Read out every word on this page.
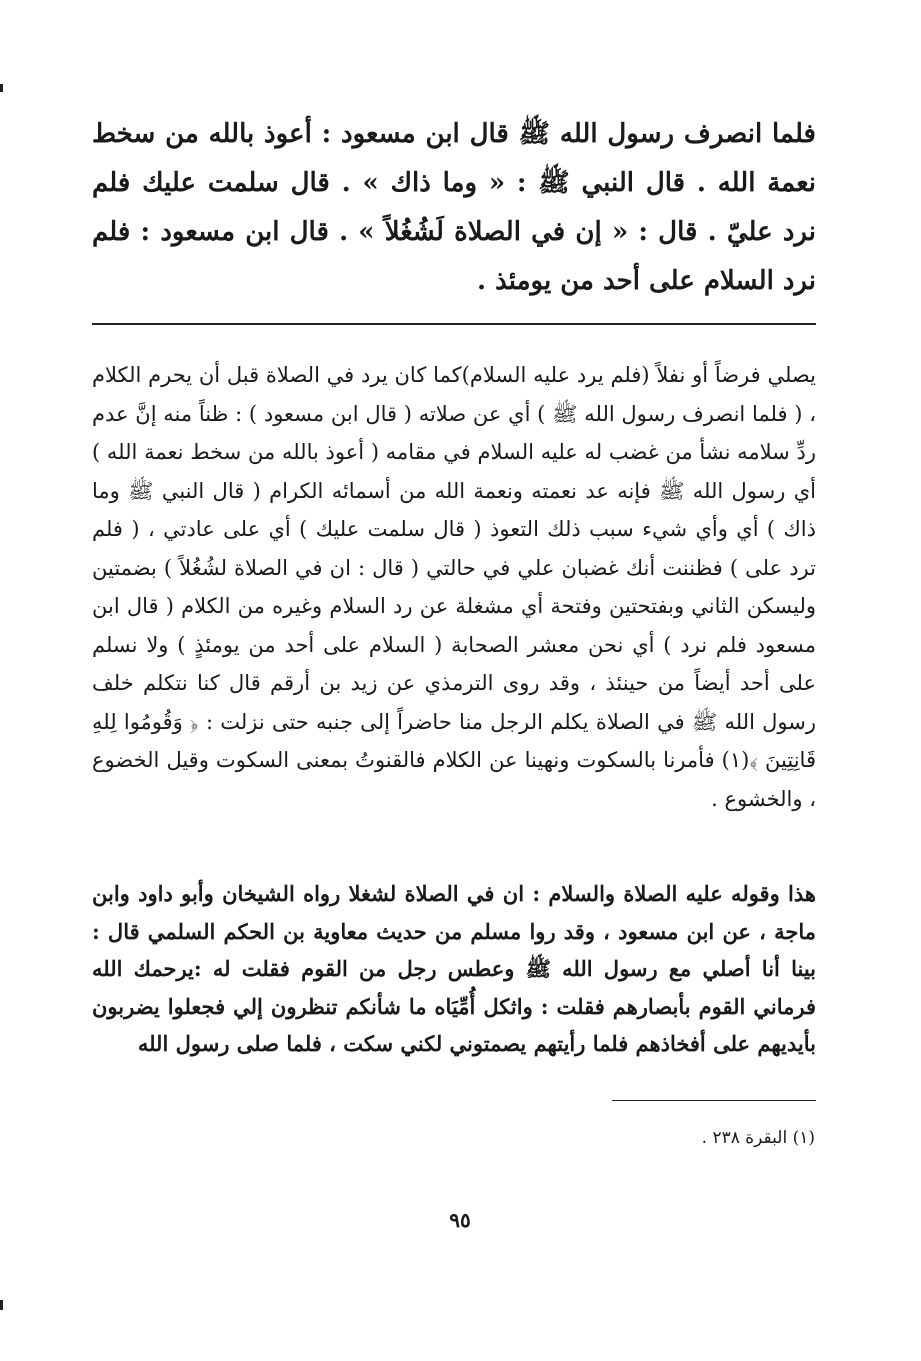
فلما انصرف رسول الله ﷺ قال ابن مسعود : أعوذ بالله من سخط نعمة الله . قال النبي ﷺ : « وما ذاك » . قال سلمت عليك فلم نرد عليّ . قال : « إن في الصلاة لَشُغُلاً » . قال ابن مسعود : فلم نرد السلام على أحد من يومئذ .
يصلي فرضاً أو نفلاً (فلم يرد عليه السلام)كما كان يرد في الصلاة قبل أن يحرم الكلام ، ( فلما انصرف رسول الله ﷺ ) أي عن صلاته ( قال ابن مسعود ) : ظناً منه إنَّ عدم ردِّ سلامه نشأ من غضب له عليه السلام في مقامه ( أعوذ بالله من سخط نعمة الله ) أي رسول الله ﷺ فإنه عد نعمته ونعمة الله من أسمائه الكرام ( قال النبي ﷺ وما ذاك ) أي وأي شيء سبب ذلك التعوذ ( قال سلمت عليك ) أي على عادتي ، ( فلم ترد على ) فظننت أنك غضبان علي في حالتي ( قال : ان في الصلاة لشُغُلاً ) بضمتين وليسكن الثاني وبفتحتين وفتحة أي مشغلة عن رد السلام وغيره من الكلام ( قال ابن مسعود فلم نرد ) أي نحن معشر الصحابة ( السلام على أحد من يومئذٍ ) ولا نسلم على أحد أيضاً من حينئذ ، وقد روى الترمذي عن زيد بن أرقم قال كنا نتكلم خلف رسول الله ﷺ في الصلاة يكلم الرجل منا حاضراً إلى جنبه حتى نزلت : ﴿ وَقُومُوا لِلهِ قَانِتِينَ ﴾(١) فأمرنا بالسكوت ونهينا عن الكلام فالقنوتُ بمعنى السكوت وقيل الخضوع ، والخشوع .
هذا وقوله عليه الصلاة والسلام : ان في الصلاة لشغلا رواه الشيخان وأبو داود وابن ماجة ، عن ابن مسعود ، وقد روا مسلم من حديث معاوية بن الحكم السلمي قال : بينا أنا أصلي مع رسول الله ﷺ وعطس رجل من القوم فقلت له :يرحمك الله فرماني القوم بأبصارهم فقلت : واثكل أُمِّيَاه ما شأنكم تنظرون إلي فجعلوا يضربون بأيديهم على أفخاذهم فلما رأيتهم يصمتوني لكني سكت ، فلما صلى رسول الله
(١) البقرة ٢٣٨ .
٩٥
